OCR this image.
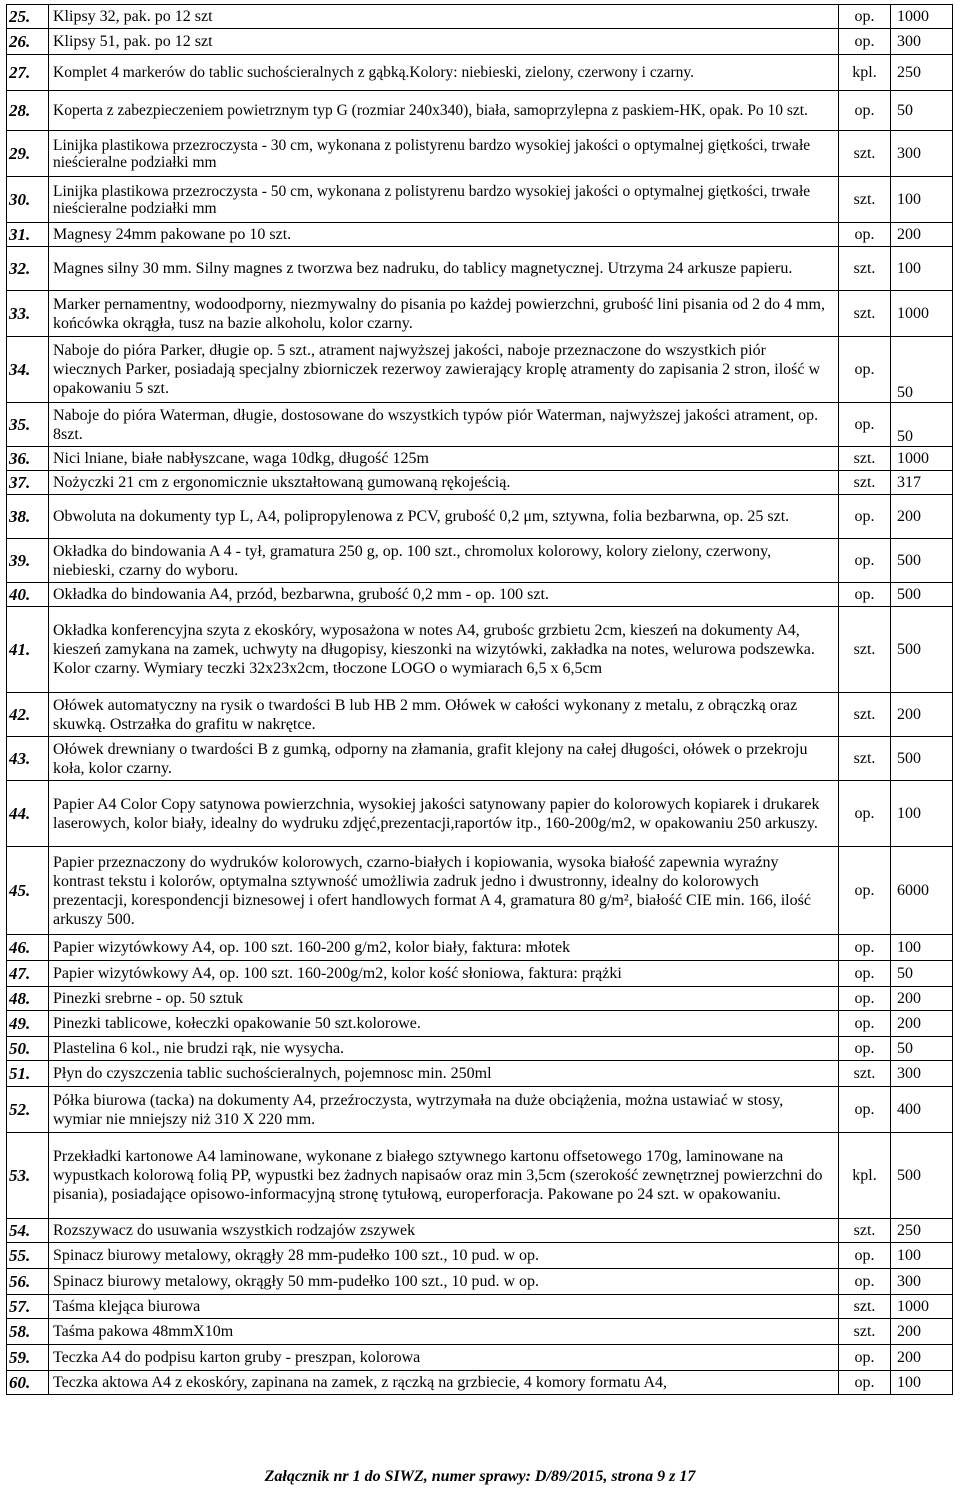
25.	Klipsy 32, pak. po 12 szt	op.	1000
26.	Klipsy 51, pak. po 12 szt	op.	300
27.	Komplet 4 markerów do tablic suchościeralnych z gąbką.Kolory: niebieski, zielony, czerwony i czarny.	kpl.	250
28.	Koperta z zabezpieczeniem powietrznym typ G (rozmiar 240x340), biała, samoprzylepna z paskiem-HK, opak. Po 10 szt.	op.	50
29.	Linijka plastikowa przezroczysta - 30 cm, wykonana z polistyrenu bardzo wysokiej jakości o optymalnej giętkości, trwałe nieścieralne podziałki mm	szt.	300
30.	Linijka plastikowa przezroczysta - 50 cm, wykonana z polistyrenu bardzo wysokiej jakości o optymalnej giętkości, trwałe nieścieralne podziałki mm	szt.	100
31.	Magnesy 24mm pakowane po 10 szt.	op.	200
32.	Magnes silny 30 mm. Silny magnes z tworzwa bez nadruku, do tablicy magnetycznej. Utrzyma 24 arkusze papieru.	szt.	100
33.	Marker pernamentny, wodoodporny, niezmywalny do pisania po każdej powierzchni, grubość lini pisania od 2 do 4 mm, końcówka okrągła, tusz na bazie alkoholu, kolor czarny.	szt.	1000
34.	Naboje do pióra Parker, długie op. 5 szt., atrament najwyższej jakości, naboje przeznaczone do wszystkich piór wiecznych Parker, posiadają specjalny zbiorniczek rezerwoy zawierający kroplę atramenty do zapisania 2 stron, ilość w opakowaniu 5 szt.	op.	50
35.	Naboje do pióra Waterman, długie, dostosowane do wszystkich typów piór Waterman, najwyższej jakości atrament, op. 8szt.	op.	50
36.	Nici lniane, białe nabłyszcane, waga 10dkg, długość 125m	szt.	1000
37.	Nożyczki 21 cm z ergonomicznie ukształtowaną gumowaną rękojeścią.	szt.	317
38.	Obwoluta na dokumenty typ L, A4, polipropylenowa z PCV, grubość 0,2 μm, sztywna, folia bezbarwna, op. 25 szt.	op.	200
39.	Okładka do bindowania A 4 - tył, gramatura 250 g, op. 100 szt., chromolux kolorowy, kolory zielony, czerwony, niebieski, czarny do wyboru.	op.	500
40.	Okładka do bindowania A4, przód, bezbarwna, grubość 0,2 mm - op. 100 szt.	op.	500
41.	Okładka konferencyjna szyta z ekoskóry, wyposażona w notes A4, grubośc grzbietu 2cm, kieszeń na dokumenty A4, kieszeń zamykana na zamek, uchwyty na długopisy, kieszonki na wizytówki, zakładka na notes, welurowa podszewka. Kolor czarny. Wymiary teczki 32x23x2cm, tłoczone LOGO o wymiarach 6,5 x 6,5cm	szt.	500
42.	Ołówek automatyczny na rysik o twardości B lub HB 2 mm. Ołówek w całości wykonany z metalu, z obrączką oraz skuwką. Ostrzałka do grafitu w nakrętce.	szt.	200
43.	Ołówek drewniany o twardości B z gumką, odporny na złamania, grafit klejony na całej długości, ołówek o przekroju koła, kolor czarny.	szt.	500
44.	Papier A4 Color Copy satynowa powierzchnia, wysokiej jakości satynowany papier do kolorowych kopiarek i drukarek laserowych, kolor biały, idealny do wydruku zdjęć,prezentacji,raportów itp., 160-200g/m2, w opakowaniu 250 arkuszy.	op.	100
45.	Papier przeznaczony do wydruków kolorowych, czarno-białych i kopiowania, wysoka białość zapewnia wyraźny kontrast tekstu i kolorów, optymalna sztywność umożliwia zadruk jedno i dwustronny, idealny do kolorowych prezentacji, korespondencji biznesowej i ofert handlowych format A 4, gramatura 80 g/m², białość CIE min. 166, ilość arkuszy 500.	op.	6000
46.	Papier wizytówkowy A4, op. 100 szt. 160-200 g/m2, kolor biały, faktura: młotek	op.	100
47.	Papier wizytówkowy A4, op. 100 szt. 160-200g/m2, kolor kość słoniowa, faktura: prążki	op.	50
48.	Pinezki srebrne - op. 50 sztuk	op.	200
49.	Pinezki tablicowe, kołeczki opakowanie 50 szt.kolorowe.	op.	200
50.	Plastelina 6 kol., nie brudzi rąk, nie wysycha.	op.	50
51.	Płyn do czyszczenia tablic suchościeralnych, pojemnosc min. 250ml	szt.	300
52.	Półka biurowa (tacka) na dokumenty A4, przeźroczysta, wytrzymała na duże obciążenia, można ustawiać w stosy, wymiar nie mniejszy niż 310 X 220 mm.	op.	400
53.	Przekładki kartonowe A4 laminowane, wykonane z białego sztywnego kartonu offsetowego 170g, laminowane na wypustkach kolorową folią PP, wypustki bez żadnych napisaów oraz min 3,5cm (szerokość zewnętrznej powierzchni do pisania), posiadające opisowo-informacyjną stronę tytułową, europerforacja. Pakowane po 24 szt. w opakowaniu.	kpl.	500
54.	Rozszywacz do usuwania wszystkich rodzajów zszywek	szt.	250
55.	Spinacz biurowy metalowy, okrągły 28 mm-pudełko 100 szt., 10 pud. w op.	op.	100
56.	Spinacz biurowy metalowy, okrągły 50 mm-pudełko 100 szt., 10 pud. w op.	op.	300
57.	Taśma klejąca biurowa	szt.	1000
58.	Taśma pakowa 48mmX10m	szt.	200
59.	Teczka A4 do podpisu karton gruby - preszpan, kolorowa	op.	200
60.	Teczka aktowa A4 z ekoskóry, zapinana na zamek, z rączką na grzbiecie, 4 komory formatu A4,	op.	100
Załącznik nr 1 do SIWZ, numer sprawy: D/89/2015, strona 9 z 17
